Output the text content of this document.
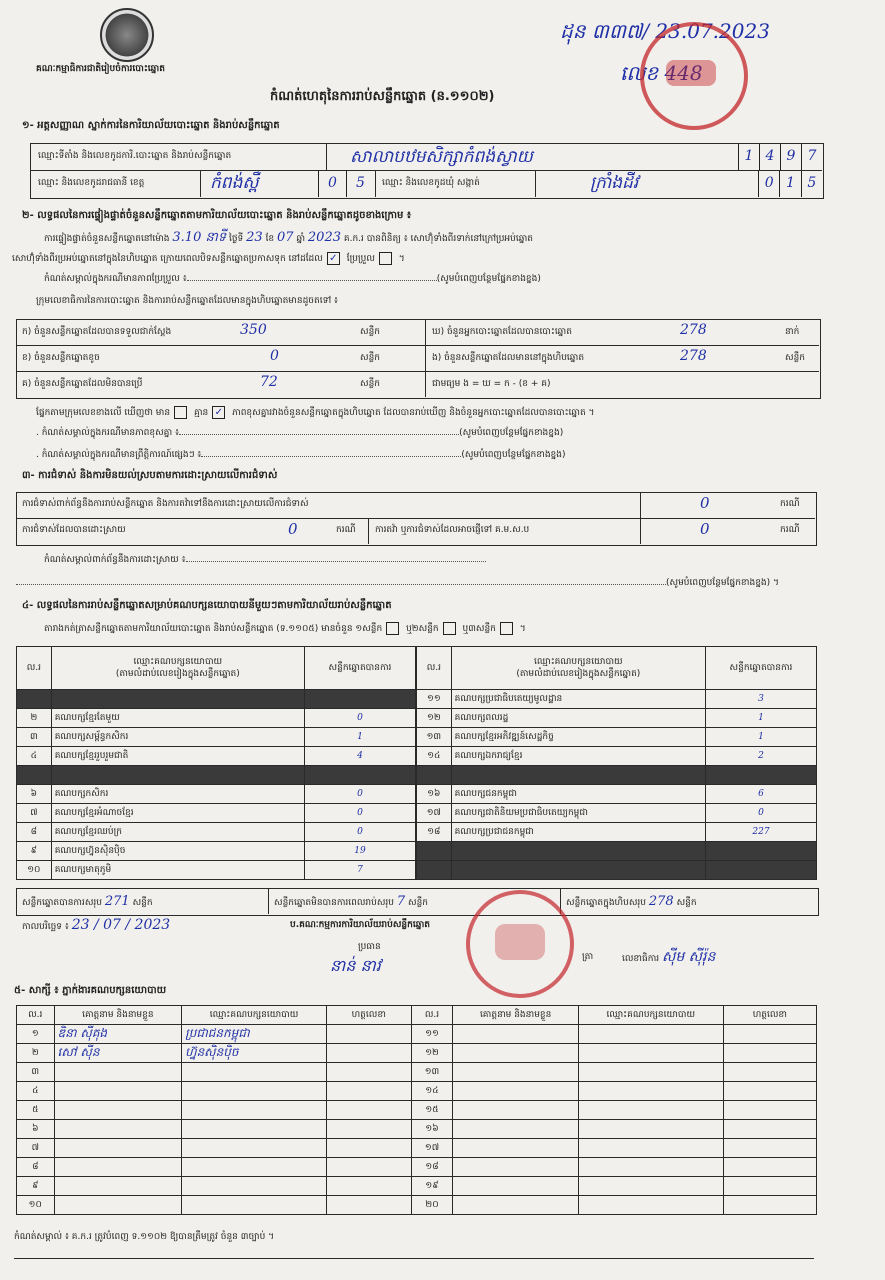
គណៈកម្មាធិការជាតិរៀបចំការបោះឆ្នោត
កំណត់ហេតុនៃការរាប់សន្លឹកឆ្នោត (ន.១១០២)
ដុន ៣៣៧/ 23.07.2023
លេខ 448
១- អត្តសញ្ញាណ ស្នាក់ការនៃការិយាល័យបោះឆ្នោត និងរាប់សន្លឹកឆ្នោត
ឈ្មោះទីតាំង និងលេខកូដការិ.បោះឆ្នោត និងរាប់សន្លឹកឆ្នោត	សាលាបឋមសិក្សាកំពង់ស្វាយ	1 4 9 7
ឈ្មោះ និងលេខកូដរាជធានី ខេត្ត	កំពង់ស្ពឺ	0	5	ឈ្មោះ និងលេខកូដឃុំ សង្កាត់	ក្រាំងដីវ	0 1 5
២- លទ្ធផលនៃការផ្ទៀងផ្ទាត់ចំនួនសន្លឹកឆ្នោតតាមការិយាល័យបោះឆ្នោត និងរាប់សន្លឹកឆ្នោតដូចខាងក្រោម ៖
ការផ្ទៀងផ្ទាត់ចំនួនសន្លឹកឆ្នោតនៅម៉ោង 3.10 នាទី ថ្ងៃទី 23 ខែ 07 ឆ្នាំ 2023 គ.ក.រ បានពិនិត្យ ៖ សោហ៊ុំទាំងពីរទាក់នៅក្រៅប្រអប់ឆ្នោត
សោហ៊ុំទាំងពីរប្រអប់ឆ្នោតនៅក្នុងនៃហិបឆ្នោត ក្រោយពេលបិទសន្លឹកឆ្នោតប្រកាសទុក នៅដដែល ✓ ប្រែប្រួល ។
កំណត់សម្គាល់ក្នុងករណីមានភាពប្រែប្រួល ៖	(សូមបំពេញបន្ថែមផ្នែកខាងខ្នង)
ក្រុមលេខាធិការនៃការបោះឆ្នោត និងការរាប់សន្លឹកឆ្នោតដែលមានក្នុងហិបឆ្នោតមានដូចតទៅ ៖
ក) ចំនួនសន្លឹកឆ្នោតដែលបានទទួលជាក់ស្តែង	350	សន្លឹក
ខ) ចំនួនសន្លឹកឆ្នោតខូច	0	សន្លឹក
គ) ចំនួនសន្លឹកឆ្នោតដែលមិនបានប្រើ	72	សន្លឹក
ឃ) ចំនួនអ្នកបោះឆ្នោតដែលបានបោះឆ្នោត	278	នាក់
ង) ចំនួនសន្លឹកឆ្នោតដែលមាននៅក្នុងហិបឆ្នោត	278	សន្លឹក
ជាមធ្យម ង = ឃ = ក - (ខ + គ)
ផ្នែកតាមក្រុមលេខខាងលើ ឃើញថា មាន	គ្មាន ✓ ភាពខុសគ្នារវាងចំនួនសន្លឹកឆ្នោតក្នុងហិបឆ្នោត ដែលបានរាប់ឃើញ និងចំនួនអ្នកបោះឆ្នោតដែលបានបោះឆ្នោត ។
. កំណត់សម្គាល់ក្នុងករណីមានភាពខុសគ្នា ៖	(សូមបំពេញបន្ថែមផ្នែកខាងខ្នង)
. កំណត់សម្គាល់ក្នុងករណីមានព្រឹត្តិការណ៍ផ្សេងៗ ៖	(សូមបំពេញបន្ថែមផ្នែកខាងខ្នង)
៣- ការជំទាស់ និងការមិនយល់ស្របតាមការដោះស្រាយលើការជំទាស់
ការជំទាស់ពាក់ព័ន្ធនឹងការរាប់សន្លឹកឆ្នោត និងការតវ៉ាទៅនឹងការដោះស្រាយលើការជំទាស់	0	ករណី
ការជំទាស់ដែលបានដោះស្រាយ	0	ករណី ការតវ៉ា ឬការជំទាស់ដែលអាចផ្ញើទៅ គ.ម.ស.ប	0	ករណី
កំណត់សម្គាល់ពាក់ព័ន្ធនឹងការដោះស្រាយ ៖
(សូមបំពេញបន្ថែមផ្នែកខាងខ្នង) ។
៤- លទ្ធផលនៃការរាប់សន្លឹកឆ្នោតសម្រាប់គណបក្សនយោបាយនីមួយៗតាមការិយាល័យរាប់សន្លឹកឆ្នោត
តារាងកត់ត្រាសន្លឹកឆ្នោតតាមការិយាល័យបោះឆ្នោត និងរាប់សន្លឹកឆ្នោត (ទ.១១០៥) មានចំនួន ១សន្លឹក	ឬ២សន្លឹក	ឬ៣សន្លឹក ។
ល.រ	ឈ្មោះគណបក្សនយោបាយ
(តាមលំដាប់លេខរៀងក្នុងសន្លឹកឆ្នោត)	សន្លឹកឆ្នោតបានការ

២	គណបក្សខ្មែរតែមួយ	0
៣	គណបក្សសម្ព័ន្ធកសិករ	1
៤	គណបក្សខ្មែររួបរួមជាតិ	4

៦	គណបក្សកសិករ	0
៧	គណបក្សខ្មែរអំណាចខ្មែរ	0
៨	គណបក្សខ្មែរឈប់ក្រ	0
៩	គណបក្សហ្វ៊ុនស៊ិនប៉ិច	19
១០	គណបក្សមាតុភូមិ	7
ល.រ	ឈ្មោះគណបក្សនយោបាយ
(តាមលំដាប់លេខរៀងក្នុងសន្លឹកឆ្នោត)	សន្លឹកឆ្នោតបានការ
១១	គណបក្សប្រជាធិបតេយ្យមូលដ្ឋាន	3
១២	គណបក្សពលរដ្ឋ	1
១៣	គណបក្សខ្មែរអភិវឌ្ឍន៍សេដ្ឋកិច្ច	1
១៤	គណបក្សឯករាជ្យខ្មែរ	2

១៦	គណបក្សជនកម្ពុជា	6
១៧	គណបក្សជាតិនិយមប្រជាធិបតេយ្យកម្ពុជា	0
១៨	គណបក្សប្រជាជនកម្ពុជា	227

សន្លឹកឆ្នោតបានការសរុប 271 សន្លឹក	សន្លឹកឆ្នោតមិនបានការពេលរាប់សរុប 7 សន្លឹក	សន្លឹកឆ្នោតក្នុងហិបសរុប 278 សន្លឹក
កាលបរិច្ឆេទ ៖ 23 / 07 / 2023	ប.គណៈកម្មការការិយាល័យរាប់សន្លឹកឆ្នោត
ប្រធាន
នាន់ នាវ	ត្រា	លេខាធិការ ស៊ីម ស៊ីរ៉ុន
៥- សាក្សី ៖ ភ្នាក់ងារគណបក្សនយោបាយ
ល.រ	គោត្តនាម និងនាមខ្លួន	ឈ្មោះគណបក្សនយោបាយ	ហត្ថលេខា	ល.រ	គោត្តនាម និងនាមខ្លួន	ឈ្មោះគណបក្សនយោបាយ	ហត្ថលេខា
១	ឌិនា ស៊ីគុង	ប្រជាជនកម្ពុជា		១១			
២	សៅ ស៊ីន	ហ្វ៊ុនស៊ិនប៉ិច		១២			
៣				១៣			
៤				១៤			
៥				១៥			
៦				១៦			
៧				១៧			
៨				១៨			
៩				១៩			
១០				២០			
កំណត់សម្គាល់ ៖ គ.ក.រ ត្រូវបំពេញ ទ.១១០២ ឱ្យបានត្រឹមត្រូវ ចំនួន ៣ច្បាប់ ។
